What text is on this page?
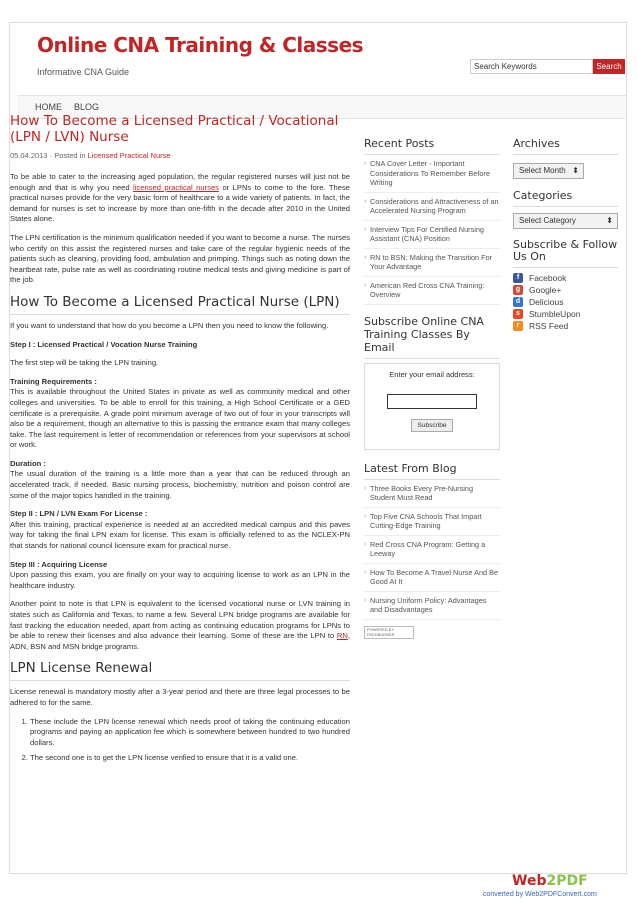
Online CNA Training & Classes
Informative CNA Guide
Search Keywords	Search
HOME BLOG
How To Become a Licensed Practical / Vocational (LPN / LVN) Nurse
05.04.2013 · Posted in Licensed Practical Nurse

To be able to cater to the increasing aged population, the regular registered nurses will just not be enough and that is why you need licensed practical nurses or LPNs to come to the fore. These practical nurses provide for the very basic form of healthcare to a wide variety of patients. In fact, the demand for nurses is set to increase by more than one-fifth in the decade after 2010 in the United States alone.

The LPN certification is the minimum qualification needed if you want to become a nurse. The nurses who certify on this assist the registered nurses and take care of the regular hygienic needs of the patients such as cleaning, providing food, ambulation and primping. Things such as noting down the heartbeat rate, pulse rate as well as coordinating routine medical tests and giving medicine is part of the job.

How To Become a Licensed Practical Nurse (LPN)

If you want to understand that how do you become a LPN then you need to know the following.

Step I : Licensed Practical / Vocation Nurse Training

The first step will be taking the LPN training.

Training Requirements :
This is available throughout the United States in private as well as community medical and other colleges and universities. To be able to enroll for this training, a High School Certificate or a GED certificate is a prerequisite. A grade point minimum average of two out of four in your transcripts will also be a requirement, though an alternative to this is passing the entrance exam that many colleges take. The last requirement is letter of recommendation or references from your supervisors at school or work.

Duration :
The usual duration of the training is a little more than a year that can be reduced through an accelerated track, if needed. Basic nursing process, biochemistry, nutrition and poison control are some of the major topics handled in the training.

Step II : LPN / LVN Exam For License :
After this training, practical experience is needed at an accredited medical campus and this paves way for taking the final LPN exam for license. This exam is officially referred to as the NCLEX-PN that stands for national council licensure exam for practical nurse.

Step III : Acquiring License
Upon passing this exam, you are finally on your way to acquiring license to work as an LPN in the healthcare industry.

Another point to note is that LPN is equivalent to the licensed vocational nurse or LVN training in states such as California and Texas, to name a few. Several LPN bridge programs are available for fast tracking the education needed, apart from acting as continuing education programs for LPNs to be able to renew their licenses and also advance their learning. Some of these are the LPN to RN, ADN, BSN and MSN bridge programs.

LPN License Renewal

License renewal is mandatory mostly after a 3-year period and there are three legal processes to be adhered to for the same.

1. These include the LPN license renewal which needs proof of taking the continuing education programs and paying an application fee which is somewhere between hundred to two hundred dollars.
2. The second one is to get the LPN license verified to ensure that it is a valid one.
Recent Posts
› CNA Cover Letter - Important Considerations To Remember Before Writing
› Considerations and Attractiveness of an Accelerated Nursing Program
› Interview Tips For Certified Nursing Assistant (CNA) Position
› RN to BSN: Making the Transition For Your Advantage
› American Red Cross CNA Training: Overview
Subscribe Online CNA Training Classes By Email
Enter your email address:
Subscribe
Latest From Blog
› Three Books Every Pre-Nursing Student Must Read
› Top Five CNA Schools That Impart Cutting-Edge Training
› Red Cross CNA Program: Getting a Leeway
› How To Become A Travel Nurse And Be Good At It
› Nursing Uniform Policy: Advantages and Disadvantages
POWERED BY FEEDBURNER
Archives
Select Month ⬍
Categories
Select Category ⬍
Subscribe & Follow Us On
f	Facebook
g	Google+
d	Delicious
s	StumbleUpon
r	RSS Feed
Web2PDF
converted by Web2PDFConvert.com
